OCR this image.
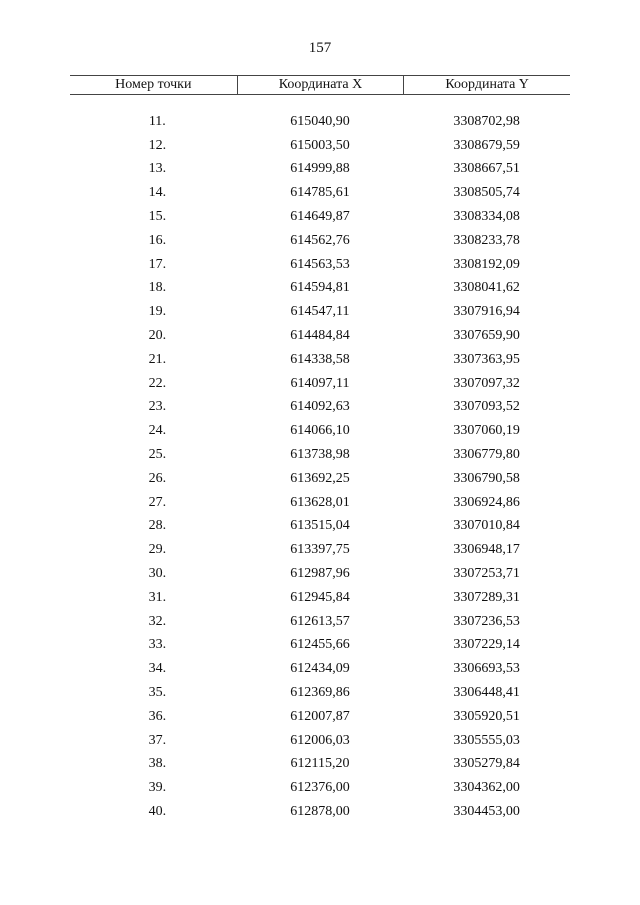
157
Номер точки	Координата X	Координата Y
11.	615040,90	3308702,98
12.	615003,50	3308679,59
13.	614999,88	3308667,51
14.	614785,61	3308505,74
15.	614649,87	3308334,08
16.	614562,76	3308233,78
17.	614563,53	3308192,09
18.	614594,81	3308041,62
19.	614547,11	3307916,94
20.	614484,84	3307659,90
21.	614338,58	3307363,95
22.	614097,11	3307097,32
23.	614092,63	3307093,52
24.	614066,10	3307060,19
25.	613738,98	3306779,80
26.	613692,25	3306790,58
27.	613628,01	3306924,86
28.	613515,04	3307010,84
29.	613397,75	3306948,17
30.	612987,96	3307253,71
31.	612945,84	3307289,31
32.	612613,57	3307236,53
33.	612455,66	3307229,14
34.	612434,09	3306693,53
35.	612369,86	3306448,41
36.	612007,87	3305920,51
37.	612006,03	3305555,03
38.	612115,20	3305279,84
39.	612376,00	3304362,00
40.	612878,00	3304453,00
